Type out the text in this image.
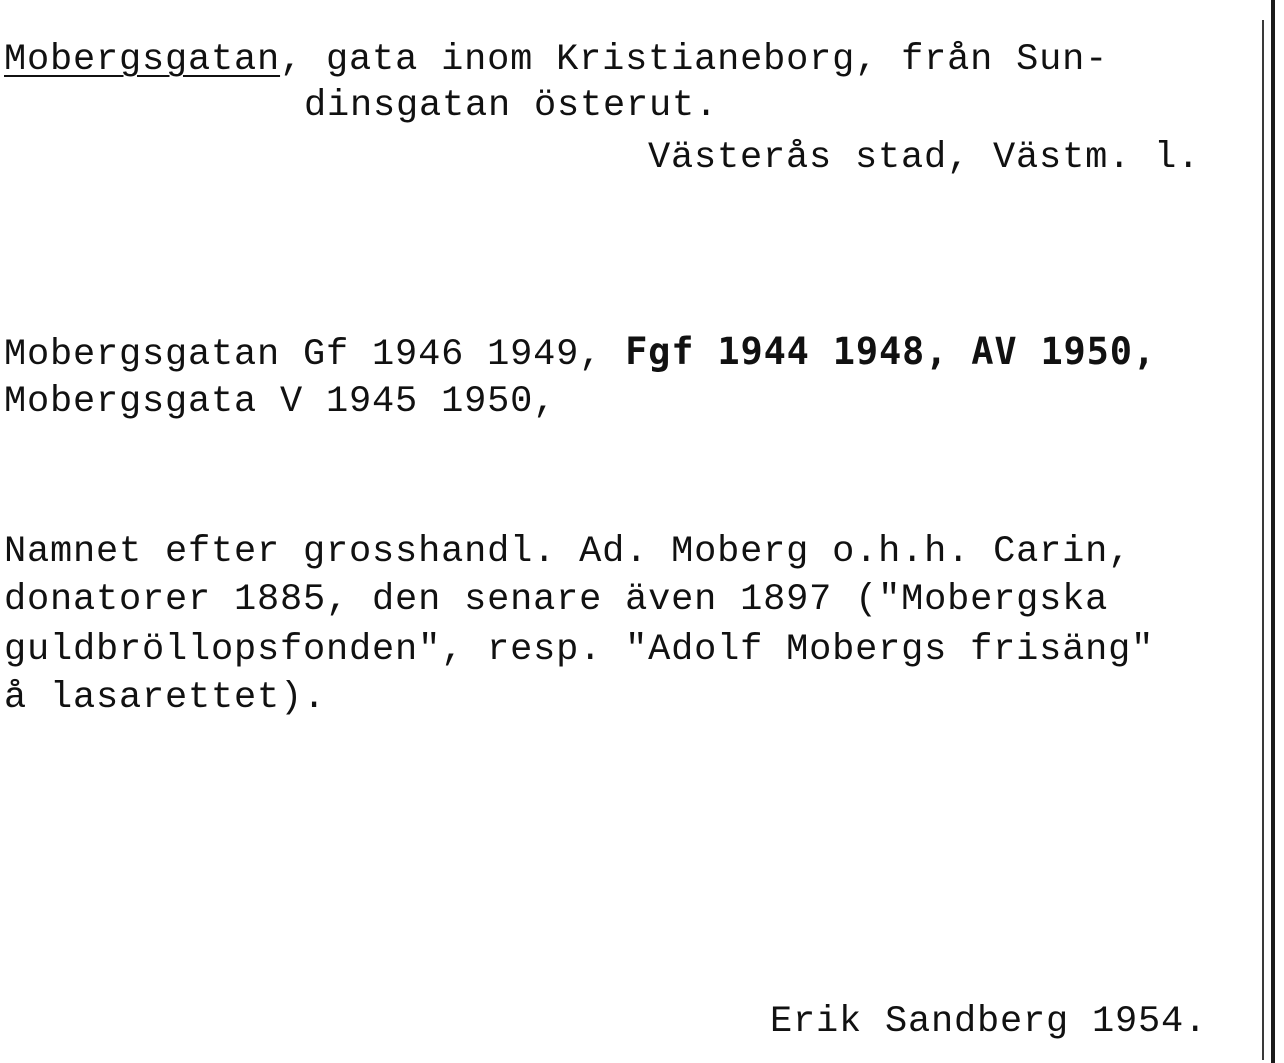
Mobergsgatan, gata inom Kristianeborg, från Sun-
dinsgatan österut.
Västerås stad, Västm. l.
Mobergsgatan Gf 1946 1949, Fgf 1944 1948, AV 1950,
Mobergsgata V 1945 1950,
Namnet efter grosshandl. Ad. Moberg o.h.h. Carin,
donatorer 1885, den senare även 1897 ("Mobergska
guldbröllopsfonden", resp. "Adolf Mobergs frisäng"
å lasarettet).
Erik Sandberg 1954.
